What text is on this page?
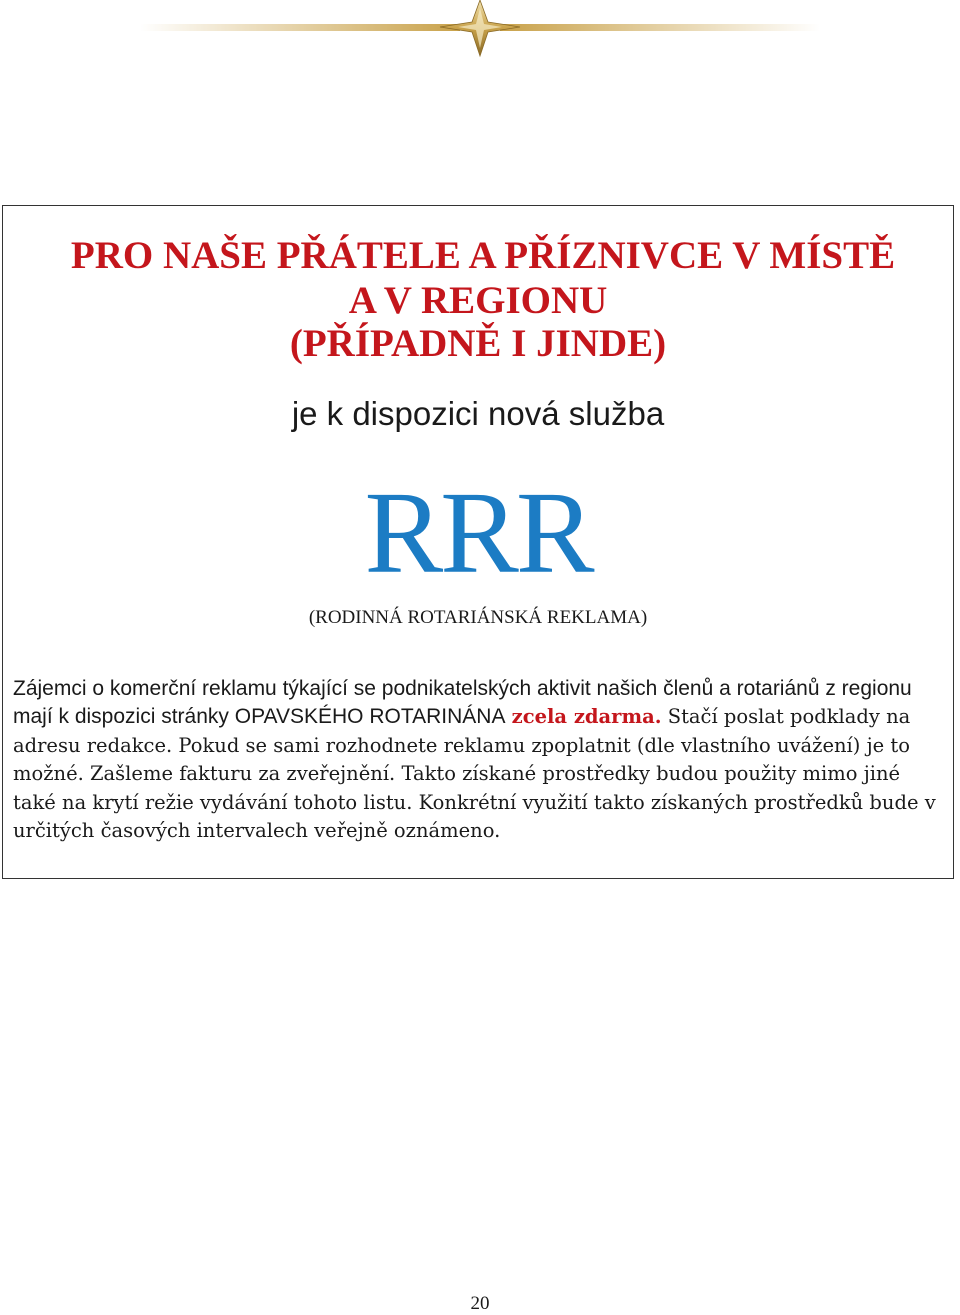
PRO NAŠE PŘÁTELE A PŘÍZNIVCE V MÍSTĚ
A V REGIONU
(PŘÍPADNĚ I JINDE)
je k dispozici nová služba
RRR
(RODINNÁ ROTARIÁNSKÁ REKLAMA)

Zájemci o komerční reklamu týkající se podnikatelských aktivit našich členů a rotariánů z regionu mají k dispozici stránky OPAVSKÉHO ROTARINÁNA zcela zdarma. Stačí poslat podklady na adresu redakce. Pokud se sami rozhodnete reklamu zpoplatnit (dle vlastního uvážení) je to možné. Zašleme fakturu za zveřejnění. Takto získané prostředky budou použity mimo jiné také na krytí režie vydávání tohoto listu. Konkrétní využití takto získaných prostředků bude v určitých časových intervalech veřejně oznámeno.

20
